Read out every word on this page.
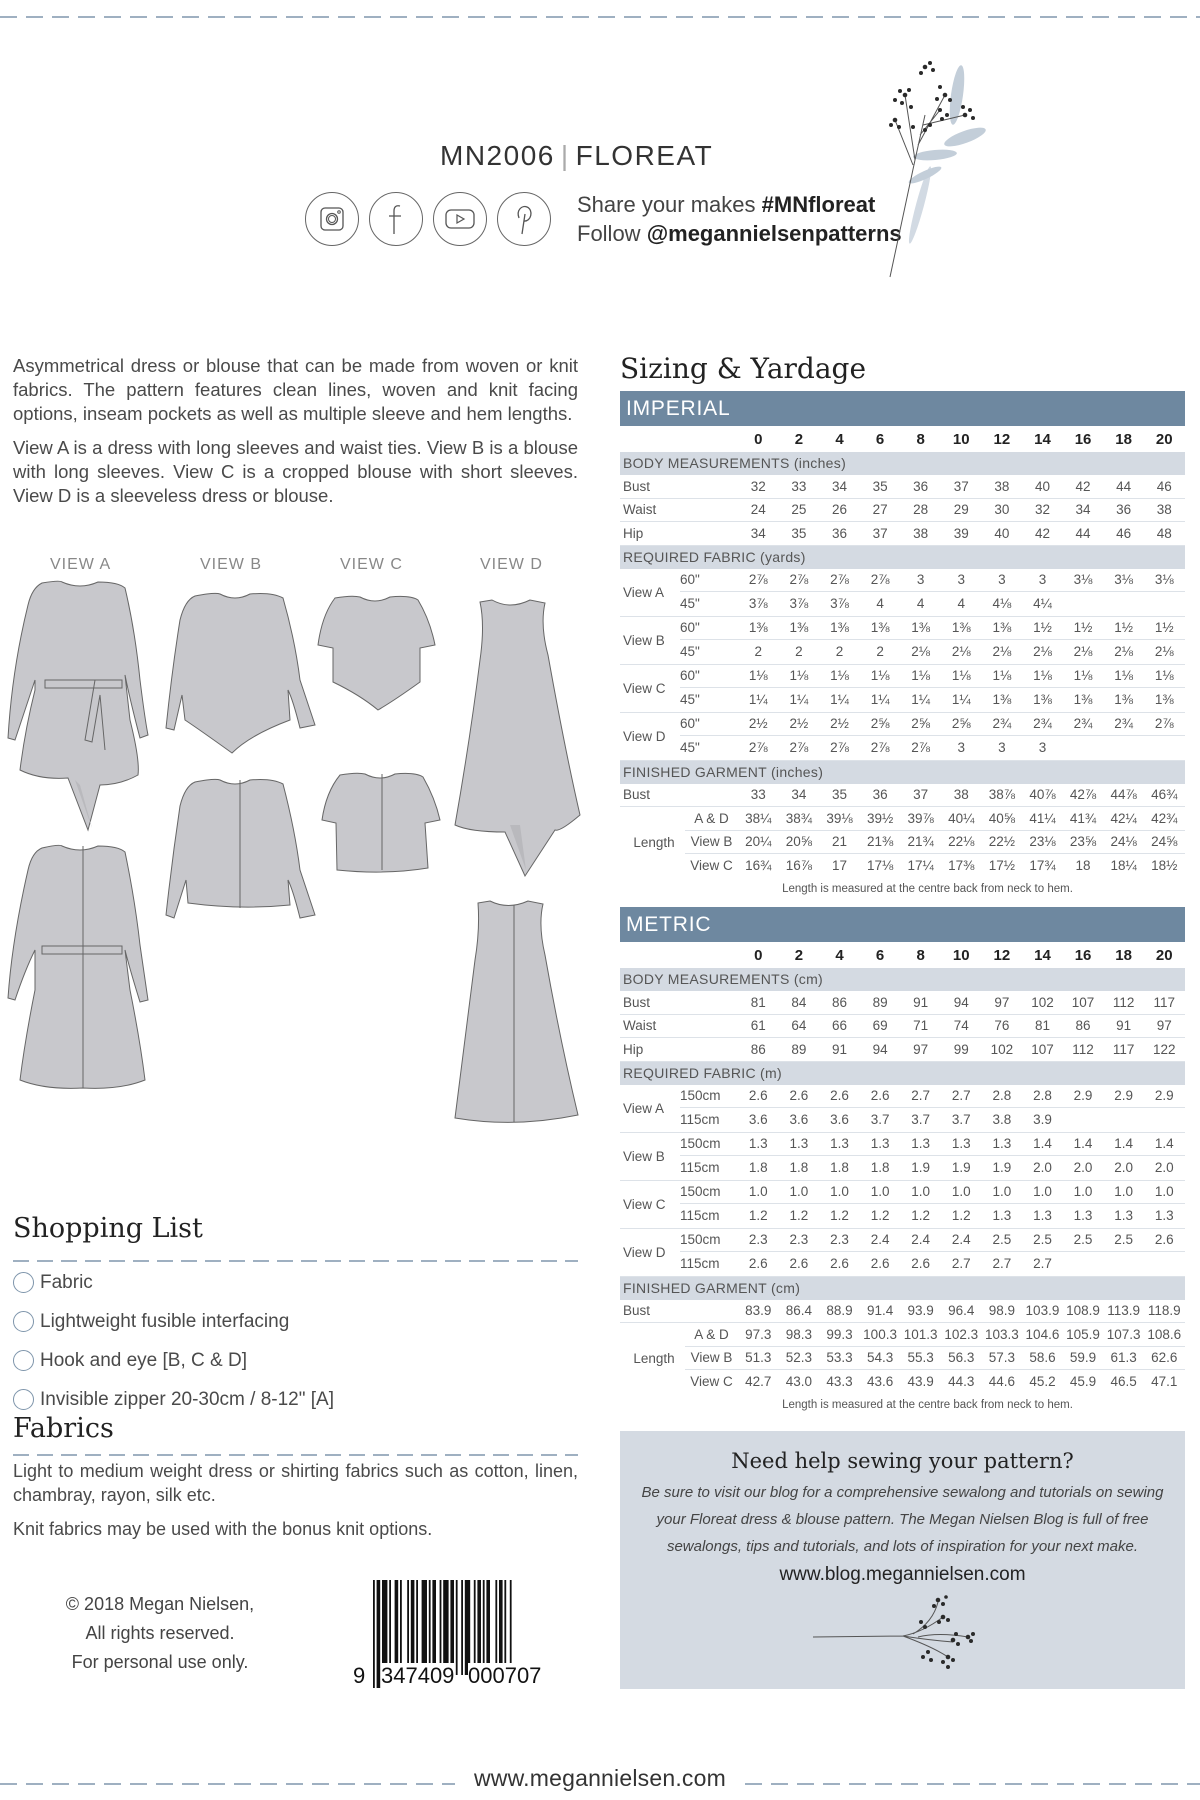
MN2006 | FLOREAT
Share your makes #MNfloreat
Follow @megannielsenpatterns

Asymmetrical dress or blouse that can be made from woven or knit fabrics. The pattern features clean lines, woven and knit facing options, inseam pockets as well as multiple sleeve and hem lengths.

View A is a dress with long sleeves and waist ties. View B is a blouse with long sleeves. View C is a cropped blouse with short sleeves. View D is a sleeveless dress or blouse.

VIEW A	VIEW B	VIEW C	VIEW D
Shopping List
Fabric
Lightweight fusible interfacing
Hook and eye [B, C & D]
Invisible zipper 20-30cm / 8-12" [A]
Fabrics

Light to medium weight dress or shirting fabrics such as cotton, linen, chambray, rayon, silk etc.

Knit fabrics may be used with the bonus knit options.

© 2018 Megan Nielsen,
All rights reserved.
For personal use only.
9 347409 000707
Sizing & Yardage
IMPERIAL
0	2	4	6	8	10	12	14	16	18	20
BODY MEASUREMENTS (inches)
Bust	32	33	34	35	36	37	38	40	42	44	46
Waist	24	25	26	27	28	29	30	32	34	36	38
Hip	34	35	36	37	38	39	40	42	44	46	48
REQUIRED FABRIC (yards)
View A
60"	2⅞	2⅞	2⅞	2⅞	3	3	3	3	3⅛	3⅛	3⅛
45"	3⅞	3⅞	3⅞	4	4	4	4⅛	4¼
View B
60"	1⅜	1⅜	1⅜	1⅜	1⅜	1⅜	1⅜	1½	1½	1½	1½
45"	2	2	2	2	2⅛	2⅛	2⅛	2⅛	2⅛	2⅛	2⅛
View C
60"	1⅛	1⅛	1⅛	1⅛	1⅛	1⅛	1⅛	1⅛	1⅛	1⅛	1⅛
45"	1¼	1¼	1¼	1¼	1¼	1¼	1⅜	1⅜	1⅜	1⅜	1⅜
View D
60"	2½	2½	2½	2⅝	2⅝	2⅝	2¾	2¾	2¾	2¾	2⅞
45"	2⅞	2⅞	2⅞	2⅞	2⅞	3	3	3
FINISHED GARMENT (inches)
Bust	33	34	35	36	37	38	38⅞	40⅞	42⅞	44⅞	46¾
Length
A & D	38¼	38¾	39⅛	39½	39⅞	40¼	40⅝	41¼	41¾	42¼	42¾
View B 20¼	20⅝	21	21⅜	21¾	22⅛	22½	23⅛	23⅝	24⅛	24⅝
View C 16¾	16⅞	17	17⅛	17¼	17⅜	17½	17¾	18	18¼	18½
Length is measured at the centre back from neck to hem.
METRIC
0	2	4	6	8	10	12	14	16	18	20
BODY MEASUREMENTS (cm)
Bust	81	84	86	89	91	94	97	102	107	112	117
Waist	61	64	66	69	71	74	76	81	86	91	97
Hip	86	89	91	94	97	99	102	107	112	117	122
REQUIRED FABRIC (m)
View A
150cm	2.6	2.6	2.6	2.6	2.7	2.7	2.8	2.8	2.9	2.9	2.9
115cm	3.6	3.6	3.6	3.7	3.7	3.7	3.8	3.9
View B
150cm	1.3	1.3	1.3	1.3	1.3	1.3	1.3	1.4	1.4	1.4	1.4
115cm	1.8	1.8	1.8	1.8	1.9	1.9	1.9	2.0	2.0	2.0	2.0
View C
150cm	1.0	1.0	1.0	1.0	1.0	1.0	1.0	1.0	1.0	1.0	1.0
115cm	1.2	1.2	1.2	1.2	1.2	1.2	1.3	1.3	1.3	1.3	1.3
View D
150cm	2.3	2.3	2.3	2.4	2.4	2.4	2.5	2.5	2.5	2.5	2.6
115cm	2.6	2.6	2.6	2.6	2.6	2.7	2.7	2.7
FINISHED GARMENT (cm)
Bust	83.9	86.4	88.9	91.4	93.9	96.4	98.9 103.9 108.9 113.9 118.9
Length
A & D	97.3	98.3	99.3 100.3 101.3 102.3 103.3 104.6 105.9 107.3 108.6
View B 51.3	52.3	53.3	54.3	55.3	56.3	57.3	58.6	59.9	61.3	62.6
View C 42.7	43.0	43.3	43.6	43.9	44.3	44.6	45.2	45.9	46.5	47.1
Length is measured at the centre back from neck to hem.
Need help sewing your pattern?

Be sure to visit our blog for a comprehensive sewalong and tutorials on sewing your Floreat dress & blouse pattern. The Megan Nielsen Blog is full of free sewalongs, tips and tutorials, and lots of inspiration for your next make.

www.blog.megannielsen.com
www.megannielsen.com
